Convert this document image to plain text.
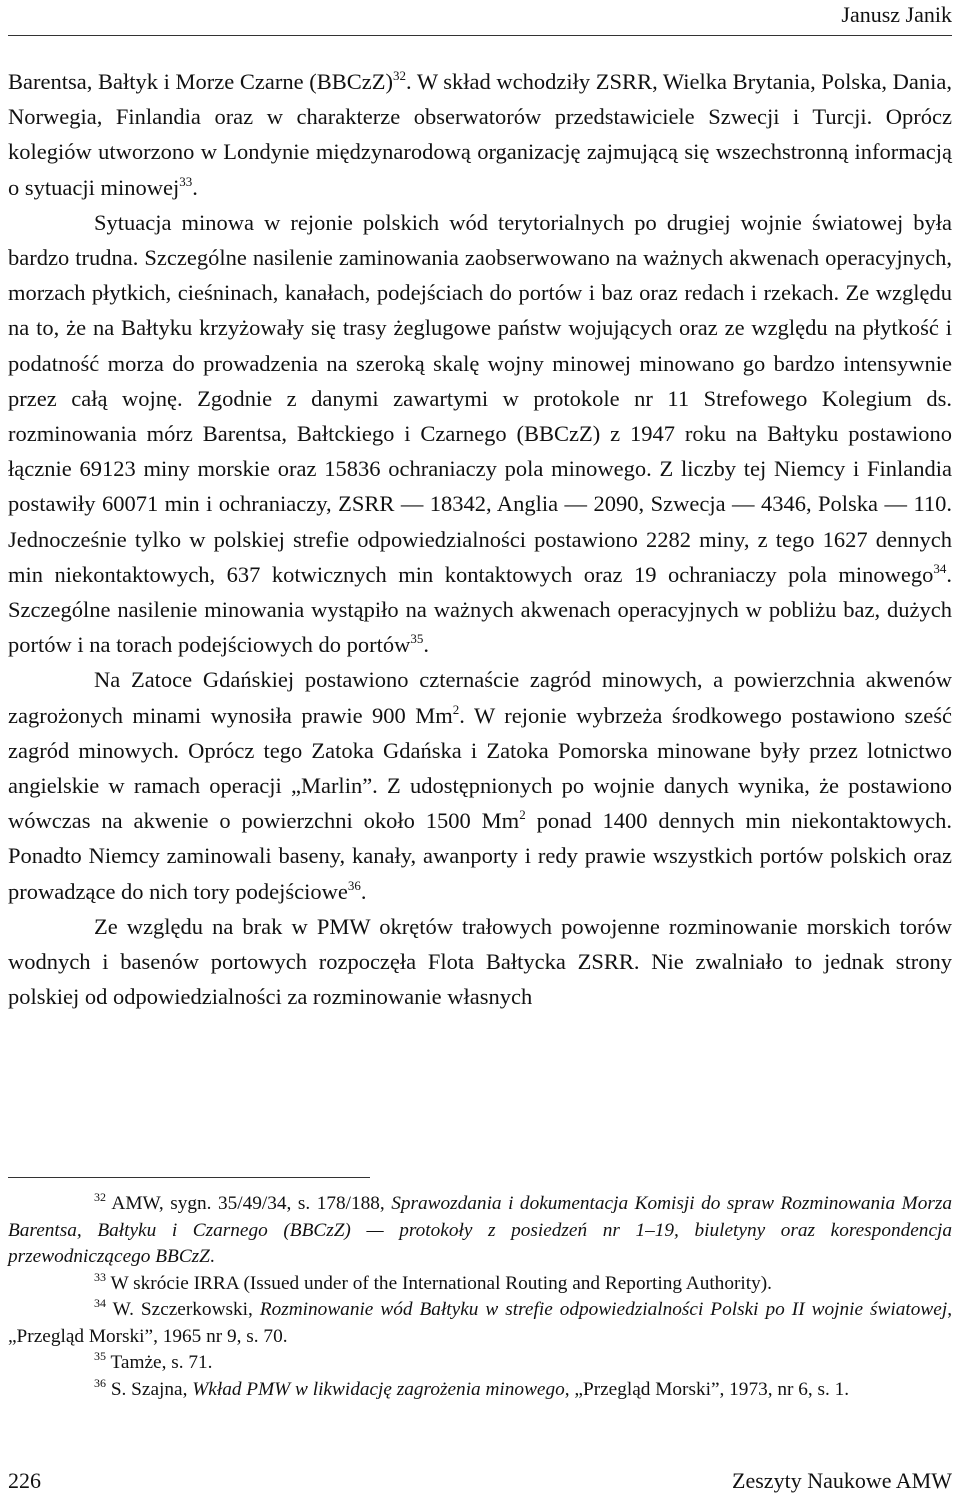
Janusz Janik

Barentsa, Bałtyk i Morze Czarne (BBCzZ)$^{32}$. W skład wchodziły ZSRR, Wielka Brytania, Polska, Dania, Norwegia, Finlandia oraz w charakterze obserwatorów przedstawiciele Szwecji i Turcji. Oprócz kolegiów utworzono w Londynie międzynarodową organizację zajmującą się wszechstronną informacją o sytuacji minowej$^{33}$.

Sytuacja minowa w rejonie polskich wód terytorialnych po drugiej wojnie światowej była bardzo trudna. Szczególne nasilenie zaminowania zaobserwowano na ważnych akwenach operacyjnych, morzach płytkich, cieśninach, kanałach, podejściach do portów i baz oraz redach i rzekach. Ze względu na to, że na Bałtyku krzyżowały się trasy żeglugowe państw wojujących oraz ze względu na płytkość i podatność morza do prowadzenia na szeroką skalę wojny minowej minowano go bardzo intensywnie przez całą wojnę. Zgodnie z danymi zawartymi w protokole nr 11 Strefowego Kolegium ds. rozminowania mórz Barentsa, Bałtckiego i Czarnego (BBCzZ) z 1947 roku na Bałtyku postawiono łącznie 69123 miny morskie oraz 15836 ochraniaczy pola minowego. Z liczby tej Niemcy i Finlandia postawiły 60071 min i ochraniaczy, ZSRR — 18342, Anglia — 2090, Szwecja — 4346, Polska — 110. Jednocześnie tylko w polskiej strefie odpowiedzialności postawiono 2282 miny, z tego 1627 dennych min niekontaktowych, 637 kotwicznych min kontaktowych oraz 19 ochraniaczy pola minowego$^{34}$. Szczególne nasilenie minowania wystąpiło na ważnych akwenach operacyjnych w pobliżu baz, dużych portów i na torach podejściowych do portów$^{35}$.

Na Zatoce Gdańskiej postawiono czternaście zagród minowych, a powierzchnia akwenów zagrożonych minami wynosiła prawie 900 Mm$^2$. W rejonie wybrzeża środkowego postawiono sześć zagród minowych. Oprócz tego Zatoka Gdańska i Zatoka Pomorska minowane były przez lotnictwo angielskie w ramach operacji „Marlin”. Z udostępnionych po wojnie danych wynika, że postawiono wówczas na akwenie o powierzchni około 1500 Mm$^2$ ponad 1400 dennych min niekontaktowych. Ponadto Niemcy zaminowali baseny, kanały, awanporty i redy prawie wszystkich portów polskich oraz prowadzące do nich tory podejściowe$^{36}$.

Ze względu na brak w PMW okrętów trałowych powojenne rozminowanie morskich torów wodnych i basenów portowych rozpoczęła Flota Bałtycka ZSRR. Nie zwalniało to jednak strony polskiej od odpowiedzialności za rozminowanie własnych

$^{32}$ AMW, sygn. 35/49/34, s. 178/188, Sprawozdania i dokumentacja Komisji do spraw Rozminowania Morza Barentsa, Bałtyku i Czarnego (BBCzZ) — protokoły z posiedzeń nr 1–19, biuletyny oraz korespondencja przewodniczącego BBCzZ.

$^{33}$ W skrócie IRRA (Issued under of the International Routing and Reporting Authority).

$^{34}$ W. Szczerkowski, Rozminowanie wód Bałtyku w strefie odpowiedzialności Polski po II wojnie światowej, „Przegląd Morski”, 1965 nr 9, s. 70.

$^{35}$ Tamże, s. 71.

$^{36}$ S. Szajna, Wkład PMW w likwidację zagrożenia minowego, „Przegląd Morski”, 1973, nr 6, s. 1.

226	Zeszyty Naukowe AMW
